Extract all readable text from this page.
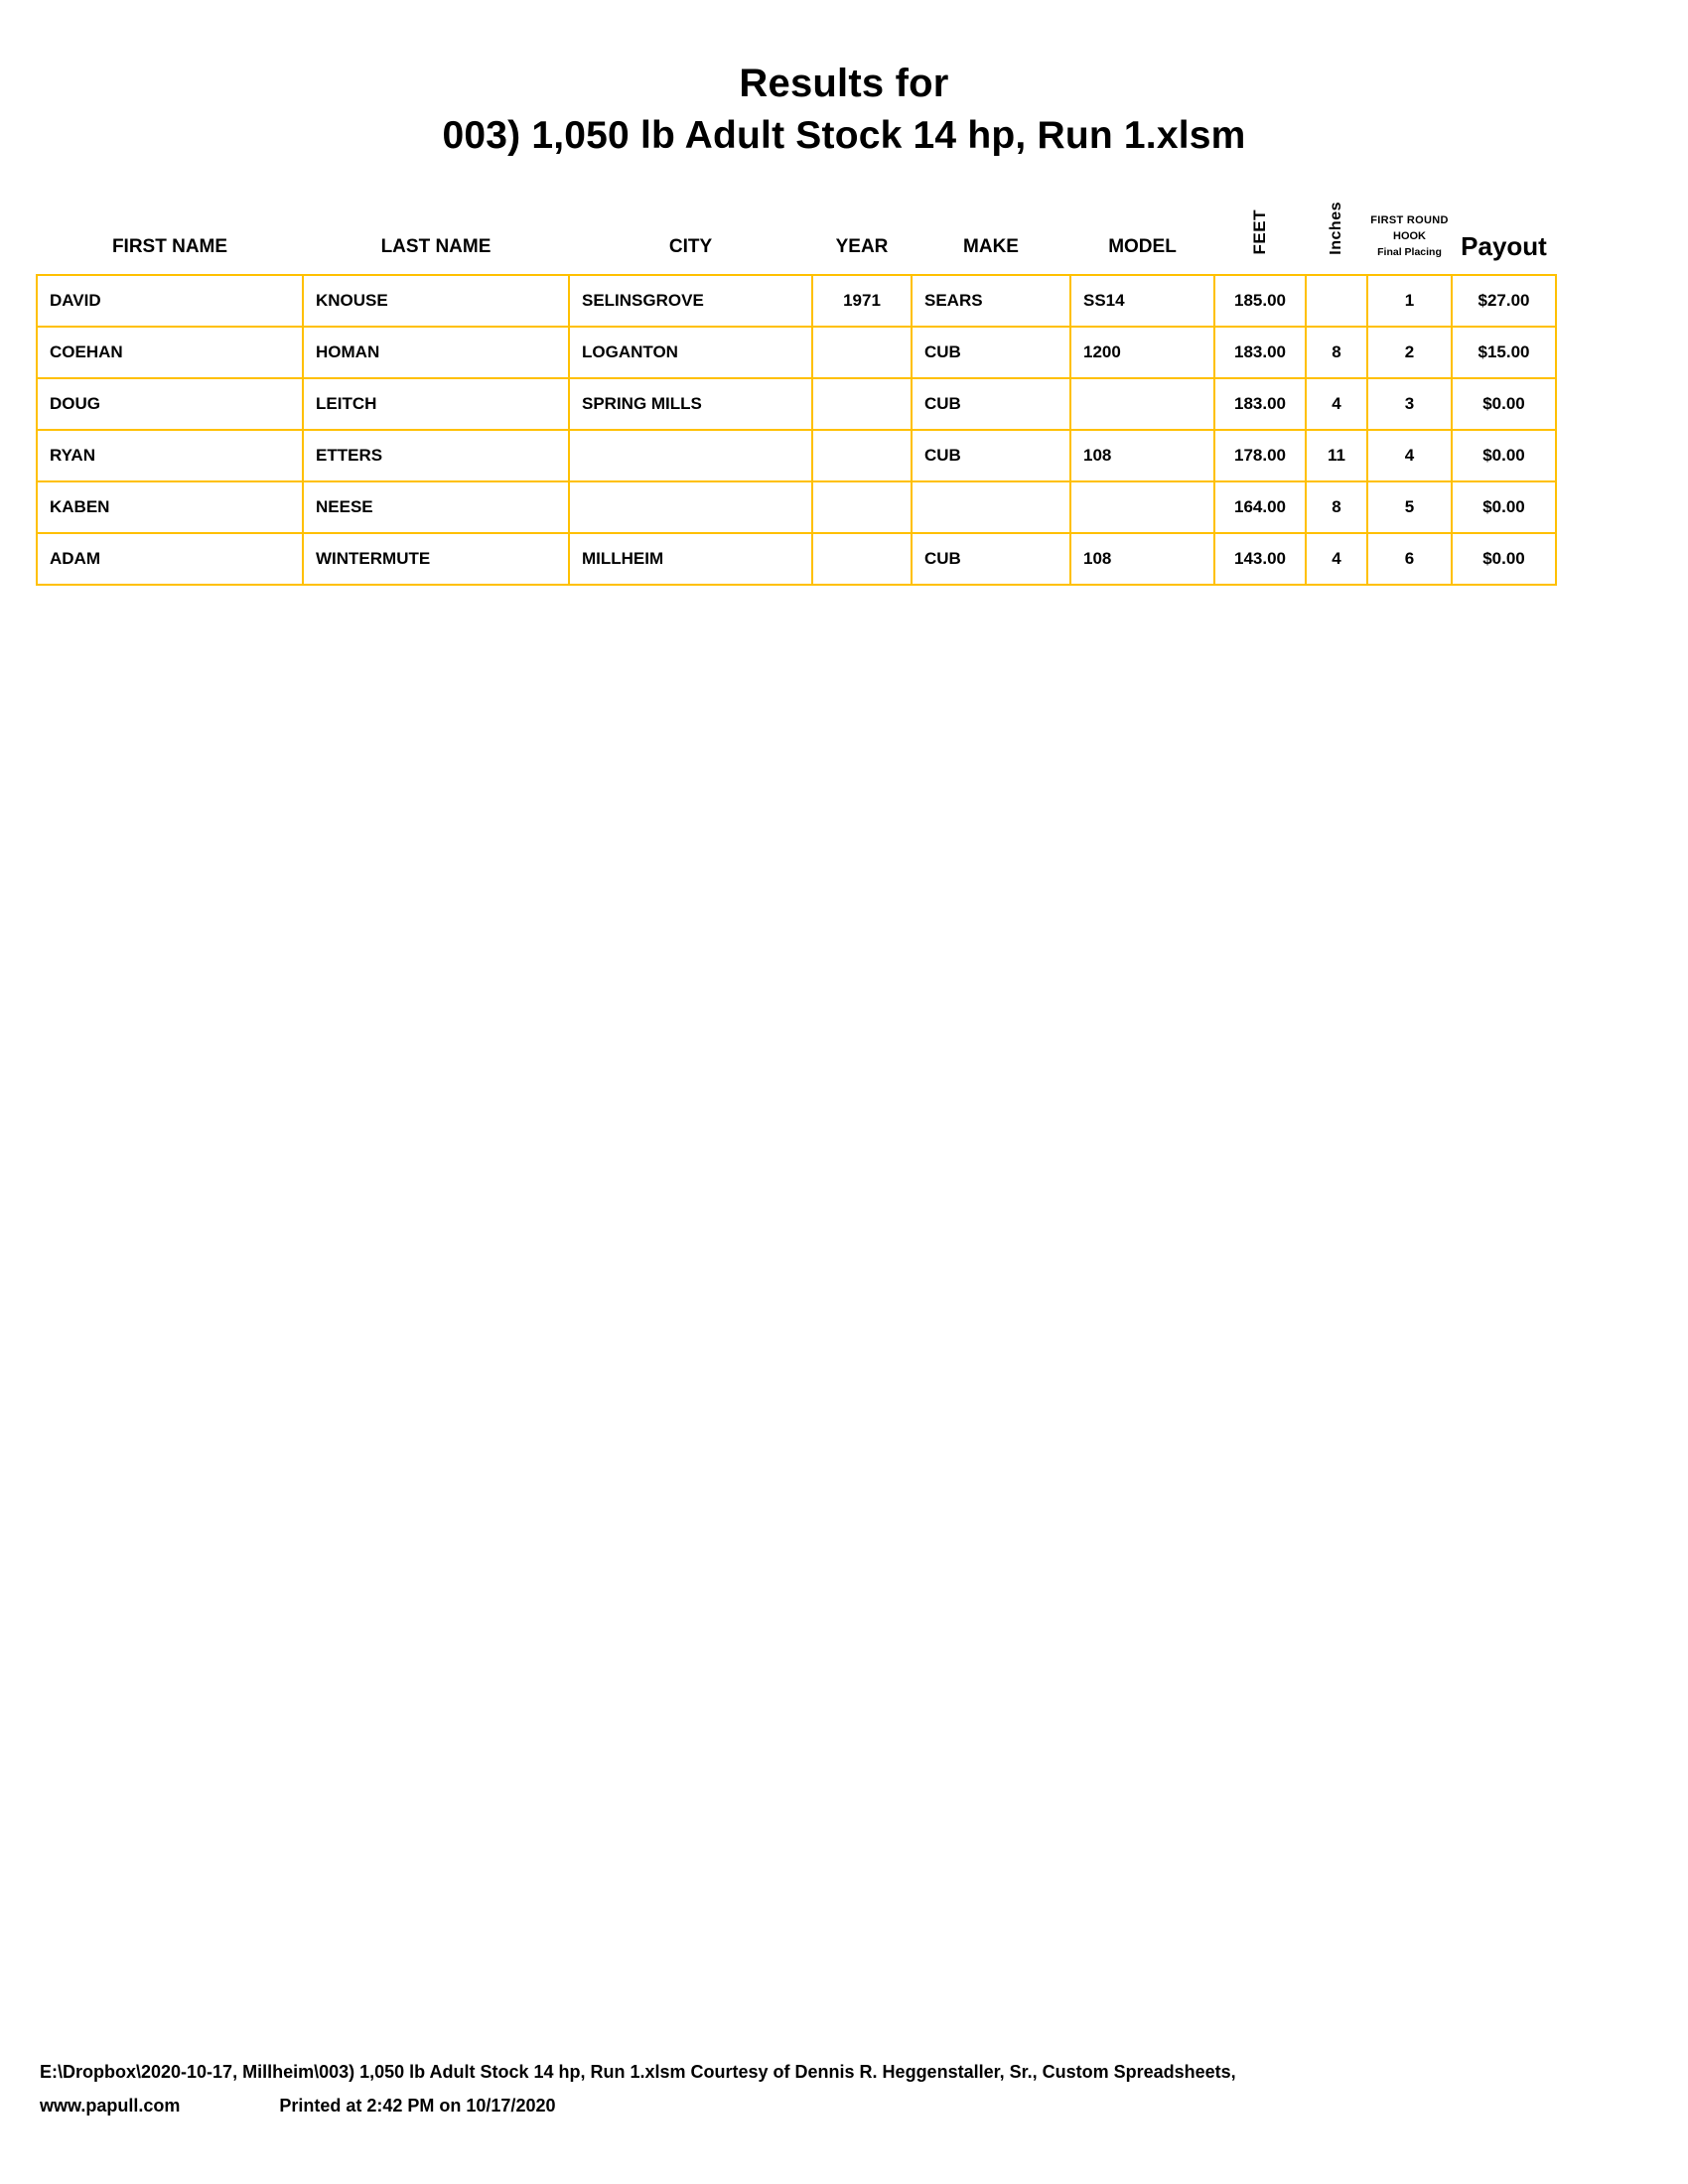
Results for
003) 1,050 lb Adult Stock 14 hp, Run 1.xlsm
FIRST NAME	LAST NAME	CITY	YEAR	MAKE	MODEL	FEET	Inches	FIRST ROUND
HOOK
Final Placing	Payout
DAVID	KNOUSE	SELINSGROVE	1971	SEARS	SS14	185.00		1	$27.00
COEHAN	HOMAN	LOGANTON		CUB	1200	183.00	8	2	$15.00
DOUG	LEITCH	SPRING MILLS		CUB		183.00	4	3	$0.00
RYAN	ETTERS			CUB	108	178.00	11	4	$0.00
KABEN	NEESE					164.00	8	5	$0.00
ADAM	WINTERMUTE	MILLHEIM		CUB	108	143.00	4	6	$0.00
E:\Dropbox\2020-10-17, Millheim\003) 1,050 lb Adult Stock 14 hp, Run 1.xlsm Courtesy of Dennis R. Heggenstaller, Sr., Custom Spreadsheets,
www.papull.com	Printed at 2:42 PM on 10/17/2020
